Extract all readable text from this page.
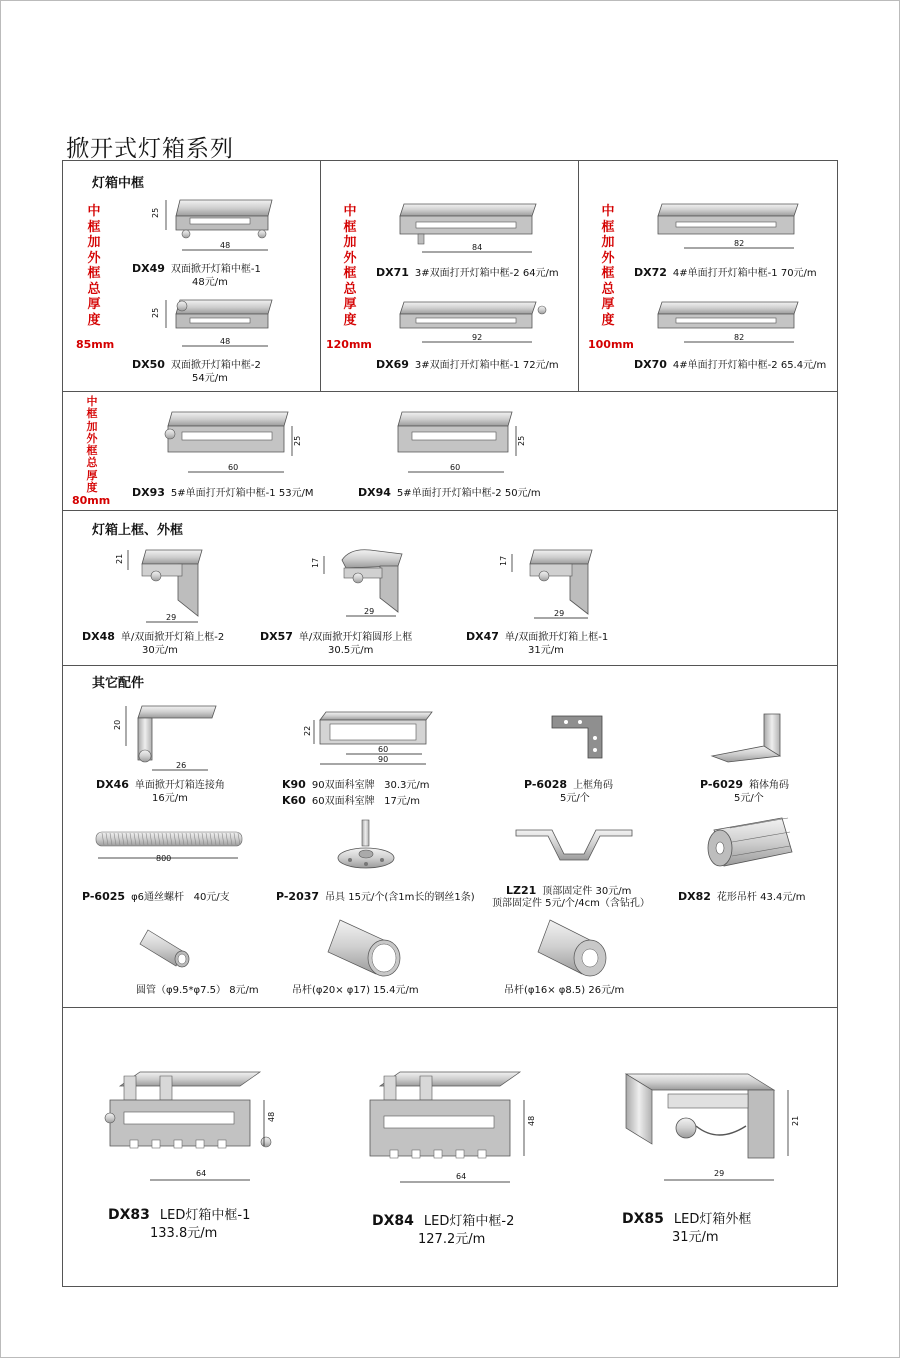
掀开式灯箱系列
灯箱中框
中
框
加
外
框
总
厚
度
85mm
中
框
加
外
框
总
厚
度
120mm
中
框
加
外
框
总
厚
度
100mm
中
框
加
外
框
总
厚
度
80mm
25
48
DX49 双面掀开灯箱中框-1
48元/m
25
48
DX50 双面掀开灯箱中框-2
54元/m
84
DX71 3#双面打开灯箱中框-2 64元/m
92
DX69 3#双面打开灯箱中框-1 72元/m
82
DX72 4#单面打开灯箱中框-1 70元/m
82
DX70 4#单面打开灯箱中框-2 65.4元/m
25
60
DX93 5#单面打开灯箱中框-1 53元/M
25
60
DX94 5#单面打开灯箱中框-2 50元/m
灯箱上框、外框
21
29
DX48 单/双面掀开灯箱上框-2
30元/m
17
29
DX57 单/双面掀开灯箱圆形上框
30.5元/m
17
29
DX47 单/双面掀开灯箱上框-1
31元/m
其它配件
20
26
DX46 单面掀开灯箱连接角
16元/m
22
60
90
K90 90双面科室牌 30.3元/m
K60 60双面科室牌 17元/m
P-6028 上框角码
5元/个
P-6029 箱体角码
5元/个
800
P-6025 φ6通丝螺杆 40元/支	P-2037 吊具 15元/个(含1m长的钢丝1条)
LZ21 顶部固定件 30元/m
顶部固定件 5元/个/4cm（含钻孔）
DX82 花形吊杆 43.4元/m
圆管（φ9.5*φ7.5） 8元/m	吊杆(φ20× φ17) 15.4元/m	吊杆(φ16× φ8.5) 26元/m
48
64
DX83 LED灯箱中框-1
133.8元/m
48
64
DX84 LED灯箱中框-2
127.2元/m
21
29
DX85 LED灯箱外框
31元/m
